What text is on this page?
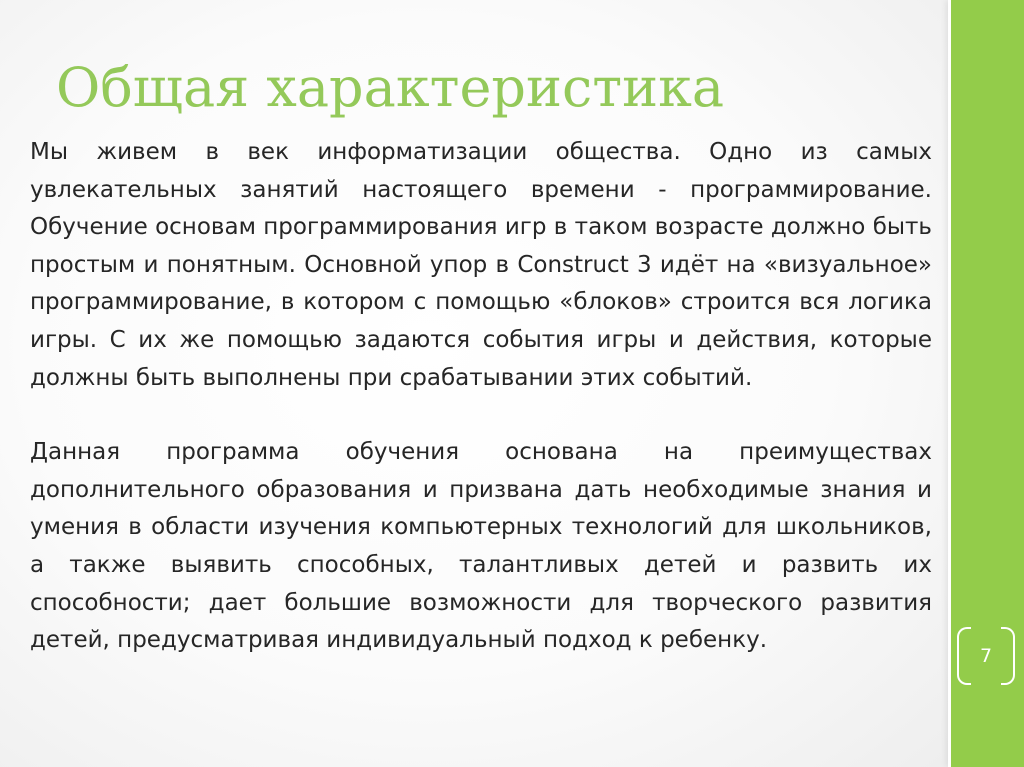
Общая характеристика

Мы живем в век информатизации общества. Одно из самых увлекательных занятий настоящего времени - программирование. Обучение основам программирования игр в таком возрасте должно быть простым и понятным. Основной упор в Construct 3 идёт на «визуальное» программирование, в котором с помощью «блоков» строится вся логика игры. С их же помощью задаются события игры и действия, которые должны быть выполнены при срабатывании этих событий.

Данная программа обучения основана на преимуществах дополнительного образования и призвана дать необходимые знания и умения в области изучения компьютерных технологий для школьников, а также выявить способных, талантливых детей и развить их способности; дает большие возможности для творческого развития детей, предусматривая индивидуальный подход к ребенку.

7
